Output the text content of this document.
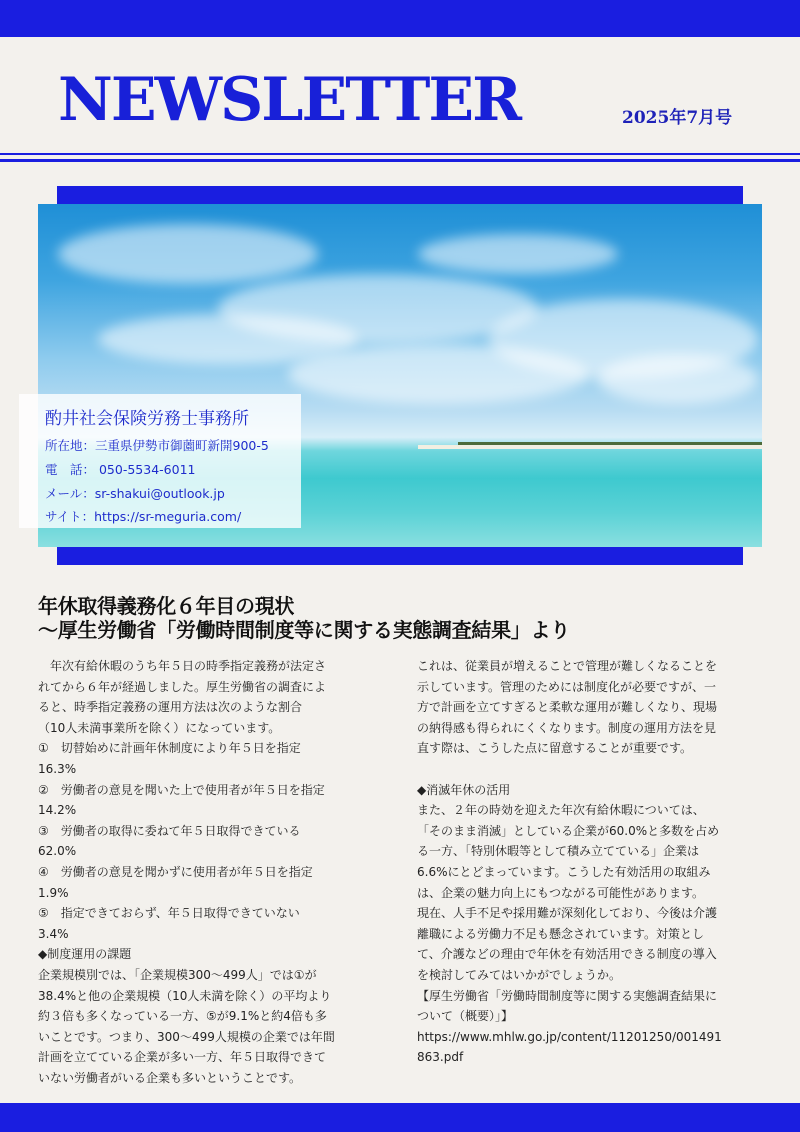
NEWSLETTER	2025年7月号
酌井社会保険労務士事務所
所在地：三重県伊勢市御薗町新開900-5
電　話： 050-5534-6011
メール：sr-shakui@outlook.jp
サイト：https://sr-meguria.com/
年休取得義務化６年目の現状
～厚生労働省「労働時間制度等に関する実態調査結果」より

年次有給休暇のうち年５日の時季指定義務が法定さ

れてから６年が経過しました。厚生労働省の調査によ

ると、時季指定義務の運用方法は次のような割合

（10人未満事業所を除く）になっています。

①　切替始めに計画年休制度により年５日を指定

16.3%

②　労働者の意見を聞いた上で使用者が年５日を指定

14.2%

③　労働者の取得に委ねて年５日取得できている

62.0%

④　労働者の意見を聞かずに使用者が年５日を指定

1.9%

⑤　指定できておらず、年５日取得できていない

3.4%

◆制度運用の課題

企業規模別では、「企業規模300～499人」では①が

38.4%と他の企業規模（10人未満を除く）の平均より

約３倍も多くなっている一方、⑤が9.1%と約4倍も多

いことです。つまり、300～499人規模の企業では年間

計画を立てている企業が多い一方、年５日取得できて

いない労働者がいる企業も多いということです。

これは、従業員が増えることで管理が難しくなることを

示しています。管理のためには制度化が必要ですが、一

方で計画を立てすぎると柔軟な運用が難しくなり、現場

の納得感も得られにくくなります。制度の運用方法を見

直す際は、こうした点に留意することが重要です。

◆消滅年休の活用

また、２年の時効を迎えた年次有給休暇については、

「そのまま消滅」としている企業が60.0%と多数を占め

る一方、「特別休暇等として積み立てている」企業は

6.6%にとどまっています。こうした有効活用の取組み

は、企業の魅力向上にもつながる可能性があります。

現在、人手不足や採用難が深刻化しており、今後は介護

離職による労働力不足も懸念されています。対策とし

て、介護などの理由で年休を有効活用できる制度の導入

を検討してみてはいかがでしょうか。

【厚生労働省「労働時間制度等に関する実態調査結果に

ついて（概要）」】

https://www.mhlw.go.jp/content/11201250/001491

863.pdf
